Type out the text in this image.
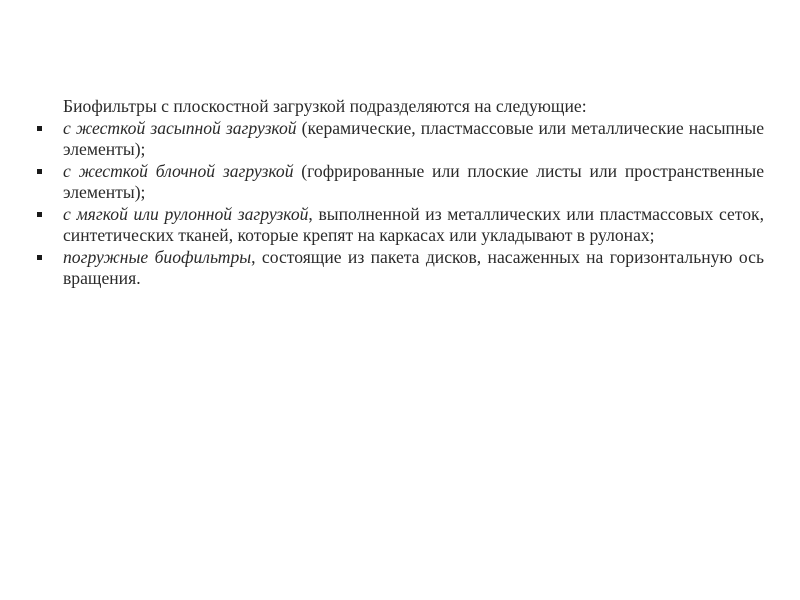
Биофильтры с плоскостной загрузкой подразделяются на следующие:

с жесткой засыпной загрузкой (керамические, пластмассовые или металлические насыпные элементы);
с жесткой блочной загрузкой (гофрированные или плоские листы или пространственные элементы);
с мягкой или рулонной загрузкой, выполненной из металлических или пластмассовых сеток, синтетических тканей, которые крепят на каркасах или укладывают в рулонах;
погружные биофильтры, состоящие из пакета дисков, насаженных на горизонтальную ось вращения.
